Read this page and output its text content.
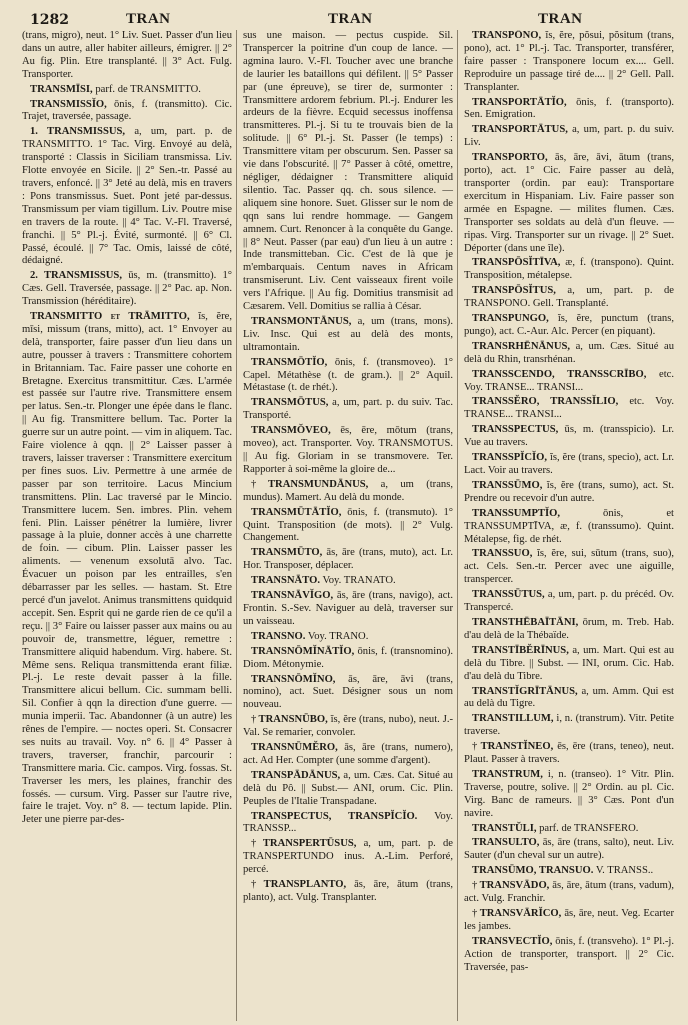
1282	TRAN	TRAN	TRAN

(trans, migro), neut. 1° Liv. Suet. Passer d'un lieu dans un autre, aller habiter ailleurs, émigrer. || 2° Au fig. Plin. Etre transplanté. || 3° Act. Fulg. Transporter.

TRANSMĪSI, parf. de TRANSMITTO.

TRANSMISSĬO, ōnis, f. (transmitto). Cic. Trajet, traversée, passage.

1. TRANSMISSUS, a, um, part. p. de TRANSMITTO. 1° Tac. Virg. Envoyé au delà, transporté : Classis in Siciliam transmissa. Liv. Flotte envoyée en Sicile. || 2° Sen.-tr. Passé au travers, enfoncé. || 3° Jeté au delà, mis en travers : Pons transmissus. Suet. Pont jeté par-dessus. Transmissum per viam tigillum. Liv. Poutre mise en travers de la route. || 4° Tac. V.-Fl. Traversé, franchi. || 5° Pl.-j. Évité, surmonté. || 6° Cl. Passé, écoulé. || 7° Tac. Omis, laissé de côté, dédaigné.

2. TRANSMISSUS, ūs, m. (transmitto). 1° Cæs. Gell. Traversée, passage. || 2° Pac. ap. Non. Transmission (héréditaire).

TRANSMITTO et TRĀMITTO, ĭs, ĕre, mīsi, missum (trans, mitto), act. 1° Envoyer au delà, transporter, faire passer d'un lieu dans un autre, pousser à travers : Transmittere cohortem in Britanniam. Tac. Faire passer une cohorte en Bretagne. Exercitus transmittitur. Cæs. L'armée est passée sur l'autre rive. Transmittere ensem per latus. Sen.-tr. Plonger une épée dans le flanc. || Au fig. Transmittere bellum. Tac. Porter la guerre sur un autre point. — vim in aliquem. Tac. Faire violence à qqn. || 2° Laisser passer à travers, laisser traverser : Transmittere exercitum per fines suos. Liv. Permettre à une armée de passer par son territoire. Lacus Mincium transmittens. Plin. Lac traversé par le Mincio. Transmittere lucem. Sen. imbres. Plin. vehem feni. Plin. Laisser pénétrer la lumière, livrer passage à la pluie, donner accès à une charrette de foin. — cibum. Plin. Laisser passer les aliments. — venenum exsolutā alvo. Tac. Évacuer un poison par les entrailles, s'en débarrasser par les selles. — hastam. St. Etre percé d'un javelot. Animus transmittens quidquid accepit. Sen. Esprit qui ne garde rien de ce qu'il a reçu. || 3° Faire ou laisser passer aux mains ou au pouvoir de, transmettre, léguer, remettre : Transmittere aliquid habendum. Virg. habere. St. Même sens. Reliqua transmittenda erant filiæ. Pl.-j. Le reste devait passer à la fille. Transmittere alicui bellum. Cic. summam belli. Sil. Confier à qqn la direction d'une guerre. — munia imperii. Tac. Abandonner (à un autre) les rênes de l'empire. — noctes operi. St. Consacrer ses nuits au travail. Voy. n° 6. || 4° Passer à travers, traverser, franchir, parcourir : Transmittere maria. Cic. campos. Virg. fossas. St. Traverser les mers, les plaines, franchir des fossés. — cursum. Virg. Passer sur l'autre rive, faire le trajet. Voy. n° 8. — tectum lapide. Plin. Jeter une pierre par-des-

sus une maison. — pectus cuspide. Sil. Transpercer la poitrine d'un coup de lance. — agmina lauro. V.-Fl. Toucher avec une branche de laurier les bataillons qui défilent. || 5° Passer par (une épreuve), se tirer de, surmonter : Transmittere ardorem febrium. Pl.-j. Endurer les ardeurs de la fièvre. Ecquid secessus inoffensa transmitteres. Pl.-j. Si tu te trouvais bien de la solitude. || 6° Pl.-j. St. Passer (le temps) : Transmittere vitam per obscurum. Sen. Passer sa vie dans l'obscurité. || 7° Passer à côté, omettre, négliger, dédaigner : Transmittere aliquid silentio. Tac. Passer qq. ch. sous silence. — aliquem sine honore. Suet. Glisser sur le nom de qqn sans lui rendre hommage. — Gangem amnem. Curt. Renoncer à la conquête du Gange. || 8° Neut. Passer (par eau) d'un lieu à un autre : Inde transmitteban. Cic. C'est de là que je m'embarquais. Centum naves in Africam transmiserunt. Liv. Cent vaisseaux firent voile vers l'Afrique. || Au fig. Domitius transmisit ad Cæsarem. Vell. Domitius se rallia à César.

TRANSMONTĀNUS, a, um (trans, mons). Liv. Insc. Qui est au delà des monts, ultramontain.

TRANSMŌTĬO, ōnis, f. (transmoveo). 1° Capel. Métathèse (t. de gram.). || 2° Aquil. Métastase (t. de rhét.).

TRANSMŌTUS, a, um, part. p. du suiv. Tac. Transporté.

TRANSMŎVEO, ēs, ēre, mōtum (trans, moveo), act. Transporter. Voy. TRANSMOTUS. || Au fig. Gloriam in se transmovere. Ter. Rapporter à soi-même la gloire de...

† TRANSMUNDĀNUS, a, um (trans, mundus). Mamert. Au delà du monde.

TRANSMŪTĀTĬO, ōnis, f. (transmuto). 1° Quint. Transposition (de mots). || 2° Vulg. Changement.

TRANSMŪTO, ās, āre (trans, muto), act. Lr. Hor. Transposer, déplacer.

TRANSNĀTO. Voy. TRANATO.

TRANSNĀVĬGO, ās, āre (trans, navigo), act. Frontin. S.-Sev. Naviguer au delà, traverser sur un vaisseau.

TRANSNO. Voy. TRANO.

TRANSNŌMĬNĀTĬO, ōnis, f. (transnomino). Diom. Métonymie.

TRANSNŌMĬNO, ās, āre, āvi (trans, nomino), act. Suet. Désigner sous un nom nouveau.

† TRANSNŪBO, ĭs, ĕre (trans, nubo), neut. J.-Val. Se remarier, convoler.

TRANSNŪMĔRO, ās, āre (trans, numero), act. Ad Her. Compter (une somme d'argent).

TRANSPĀDĀNUS, a, um. Cæs. Cat. Situé au delà du Pô. || Subst.— ANI, orum. Cic. Plin. Peuples de l'Italie Transpadane.

TRANSPECTUS, TRANSPĬCĬO. Voy. TRANSSP...

† TRANSPERTŪSUS, a, um, part. p. de TRANSPERTUNDO inus. A.-Lim. Perforé, percé.

† TRANSPLANTO, ās, āre, ātum (trans, planto), act. Vulg. Transplanter.

TRANSPŌNO, ĭs, ĕre, pŏsui, pŏsitum (trans, pono), act. 1° Pl.-j. Tac. Transporter, transférer, faire passer : Transponere locum ex.... Gell. Reproduire un passage tiré de.... || 2° Gell. Pall. Transplanter.

TRANSPORTĀTĬO, ōnis, f. (transporto). Sen. Emigration.

TRANSPORTĀTUS, a, um, part. p. du suiv. Liv.

TRANSPORTO, ās, āre, āvi, ātum (trans, porto), act. 1° Cic. Faire passer au delà, transporter (ordin. par eau): Transportare exercitum in Hispaniam. Liv. Faire passer son armée en Espagne. — milites flumen. Cæs. Transporter ses soldats au delà d'un fleuve. — ripas. Virg. Transporter sur un rivage. || 2° Suet. Déporter (dans une île).

TRANSPŌSĬTĪVA, æ, f. (transpono). Quint. Transposition, métalepse.

TRANSPŌSĬTUS, a, um, part. p. de TRANSPONO. Gell. Transplanté.

TRANSPUNGO, ĭs, ĕre, punctum (trans, pungo), act. C.-Aur. Alc. Percer (en piquant).

TRANSRHĒNĀNUS, a, um. Cæs. Situé au delà du Rhin, transrhénan.

TRANSSCENDO, TRANSSCRĪBO, etc. Voy. TRANSE... TRANSI...

TRANSSĔRO, TRANSSĬLIO, etc. Voy. TRANSE... TRANSI...

TRANSSPECTUS, ūs, m. (transspicio). Lr. Vue au travers.

TRANSSPĬCĬO, ĭs, ĕre (trans, specio), act. Lr. Lact. Voir au travers.

TRANSSŪMO, ĭs, ĕre (trans, sumo), act. St. Prendre ou recevoir d'un autre.

TRANSSUMPTĬO,	ōnis, et TRANSSUMPTĪVA, æ, f. (transsumo). Quint. Métalepse, fig. de rhét.

TRANSSUO, ĭs, ĕre, sui, sūtum (trans, suo), act. Cels. Sen.-tr. Percer avec une aiguille, transpercer.

TRANSSŪTUS, a, um, part. p. du précéd. Ov. Transpercé.

TRANSTHĒBAĪTĀNI, ōrum, m. Treb. Hab. d'au delà de la Thébaïde.

TRANSTĪBĔRĪNUS, a, um. Mart. Qui est au delà du Tibre. || Subst. — INI, orum. Cic. Hab. d'au delà du Tibre.

TRANSTĬGRĪTĀNUS, a, um. Amm. Qui est au delà du Tigre.

TRANSTILLUM, i, n. (transtrum). Vitr. Petite traverse.

† TRANSTĬNEO, ēs, ēre (trans, teneo), neut. Plaut. Passer à travers.

TRANSTRUM, i, n. (transeo). 1° Vitr. Plin. Traverse, poutre, solive. || 2° Ordin. au pl. Cic. Virg. Banc de rameurs. || 3° Cæs. Pont d'un navire.

TRANSTŬLI, parf. de TRANSFERO.

TRANSULTO, ās, āre (trans, salto), neut. Liv. Sauter (d'un cheval sur un autre).

TRANSŪMO, TRANSUO. V. TRANSS..

† TRANSVĀDO, ās, āre, ātum (trans, vadum), act. Vulg. Franchir.

† TRANSVĀRĬCO, ās, āre, neut. Veg. Ecarter les jambes.

TRANSVECTĬO, ōnis, f. (transveho). 1° Pl.-j. Action de transporter, transport. || 2° Cic. Traversée, pas-
